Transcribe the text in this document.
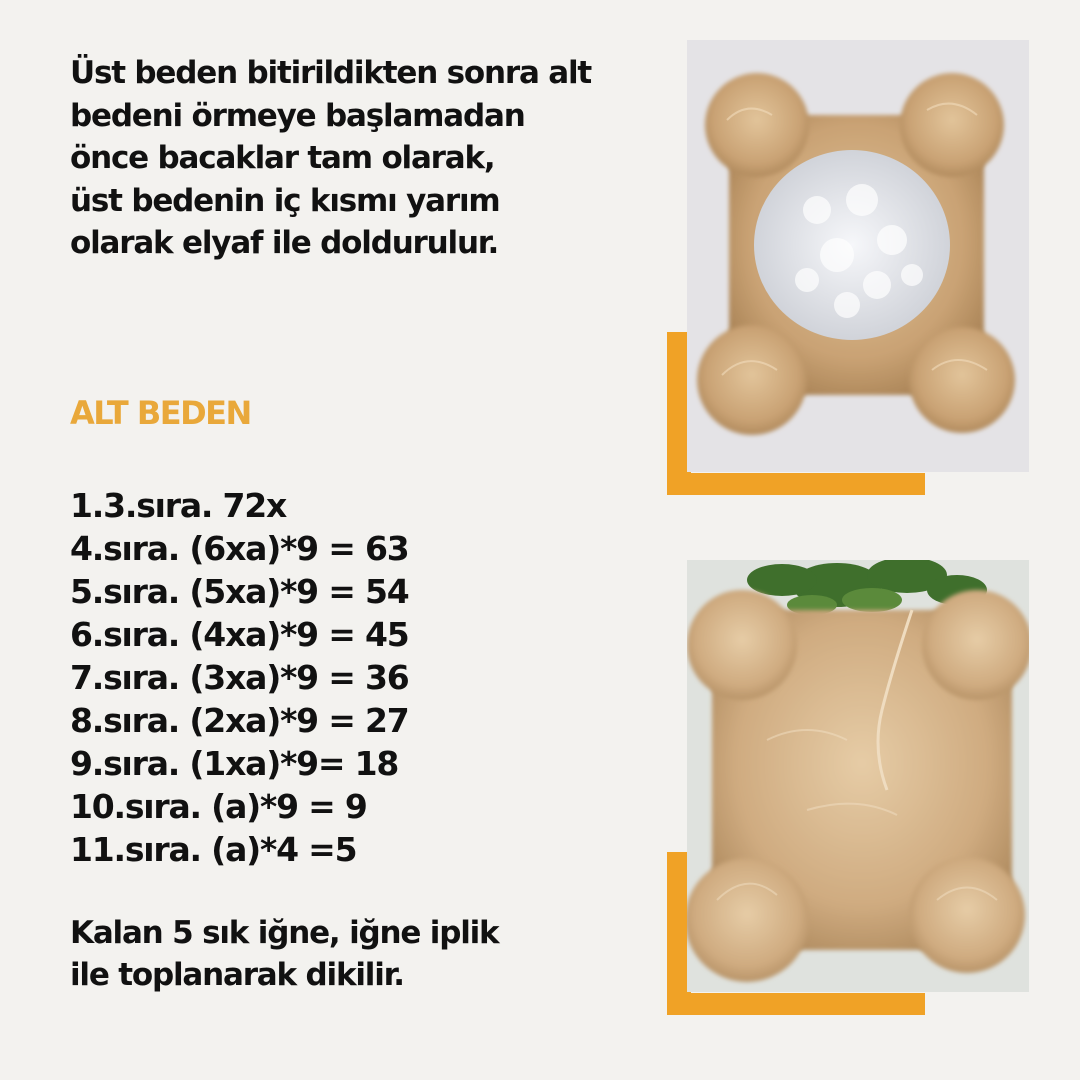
Üst beden bitirildikten sonra alt
bedeni örmeye başlamadan
önce bacaklar tam olarak,
üst bedenin iç kısmı yarım
olarak elyaf ile doldurulur.
ALT BEDEN
1.3.sıra. 72x
4.sıra. (6xa)*9 = 63
5.sıra. (5xa)*9 = 54
6.sıra. (4xa)*9 = 45
7.sıra. (3xa)*9 = 36
8.sıra. (2xa)*9 = 27
9.sıra. (1xa)*9= 18
10.sıra. (a)*9 = 9
11.sıra. (a)*4 =5
Kalan 5 sık iğne, iğne iplik
ile toplanarak dikilir.
